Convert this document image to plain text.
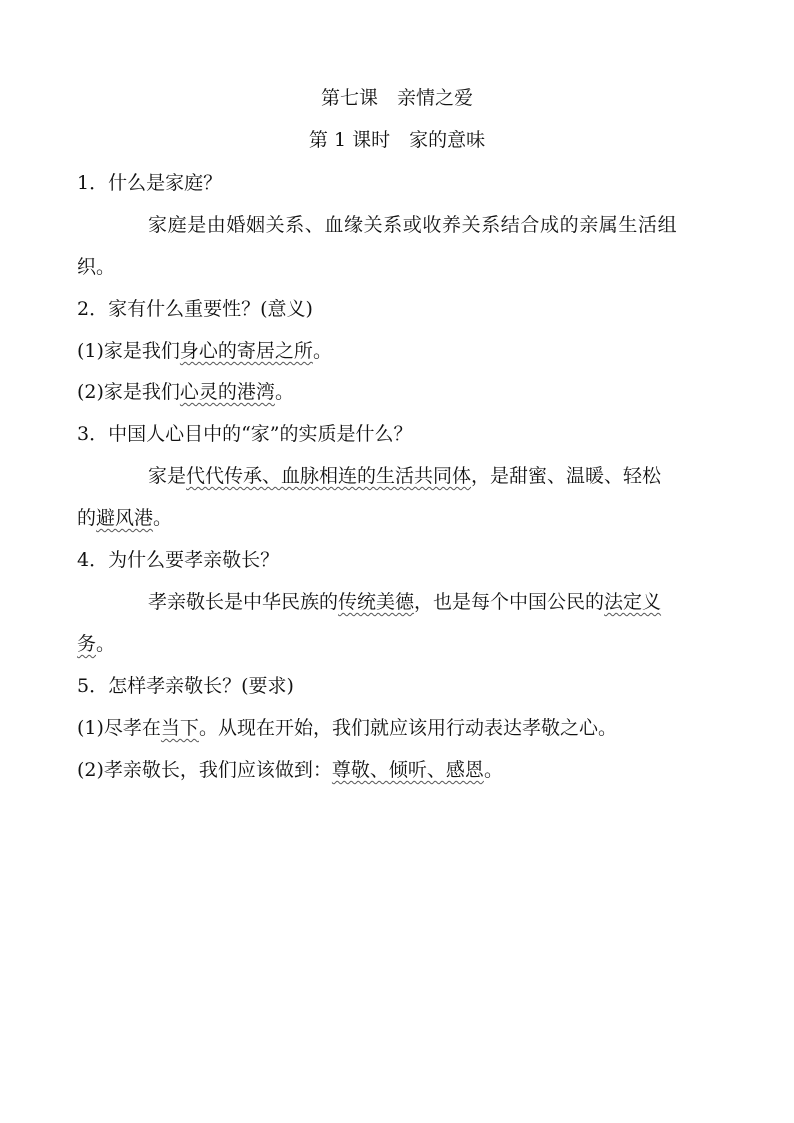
第七课　亲情之爱
第 1 课时　家的意味
1．什么是家庭？
家庭是由婚姻关系、血缘关系或收养关系结合成的亲属生活组
织。
2．家有什么重要性？(意义)
(1)家是我们身心的寄居之所。
(2)家是我们心灵的港湾。
3．中国人心目中的“家”的实质是什么？
家是代代传承、血脉相连的生活共同体，是甜蜜、温暖、轻松
的避风港。
4．为什么要孝亲敬长？
孝亲敬长是中华民族的传统美德，也是每个中国公民的法定义
务。
5．怎样孝亲敬长？(要求)
(1)尽孝在当下。从现在开始，我们就应该用行动表达孝敬之心。
(2)孝亲敬长，我们应该做到：尊敬、倾听、感恩。
